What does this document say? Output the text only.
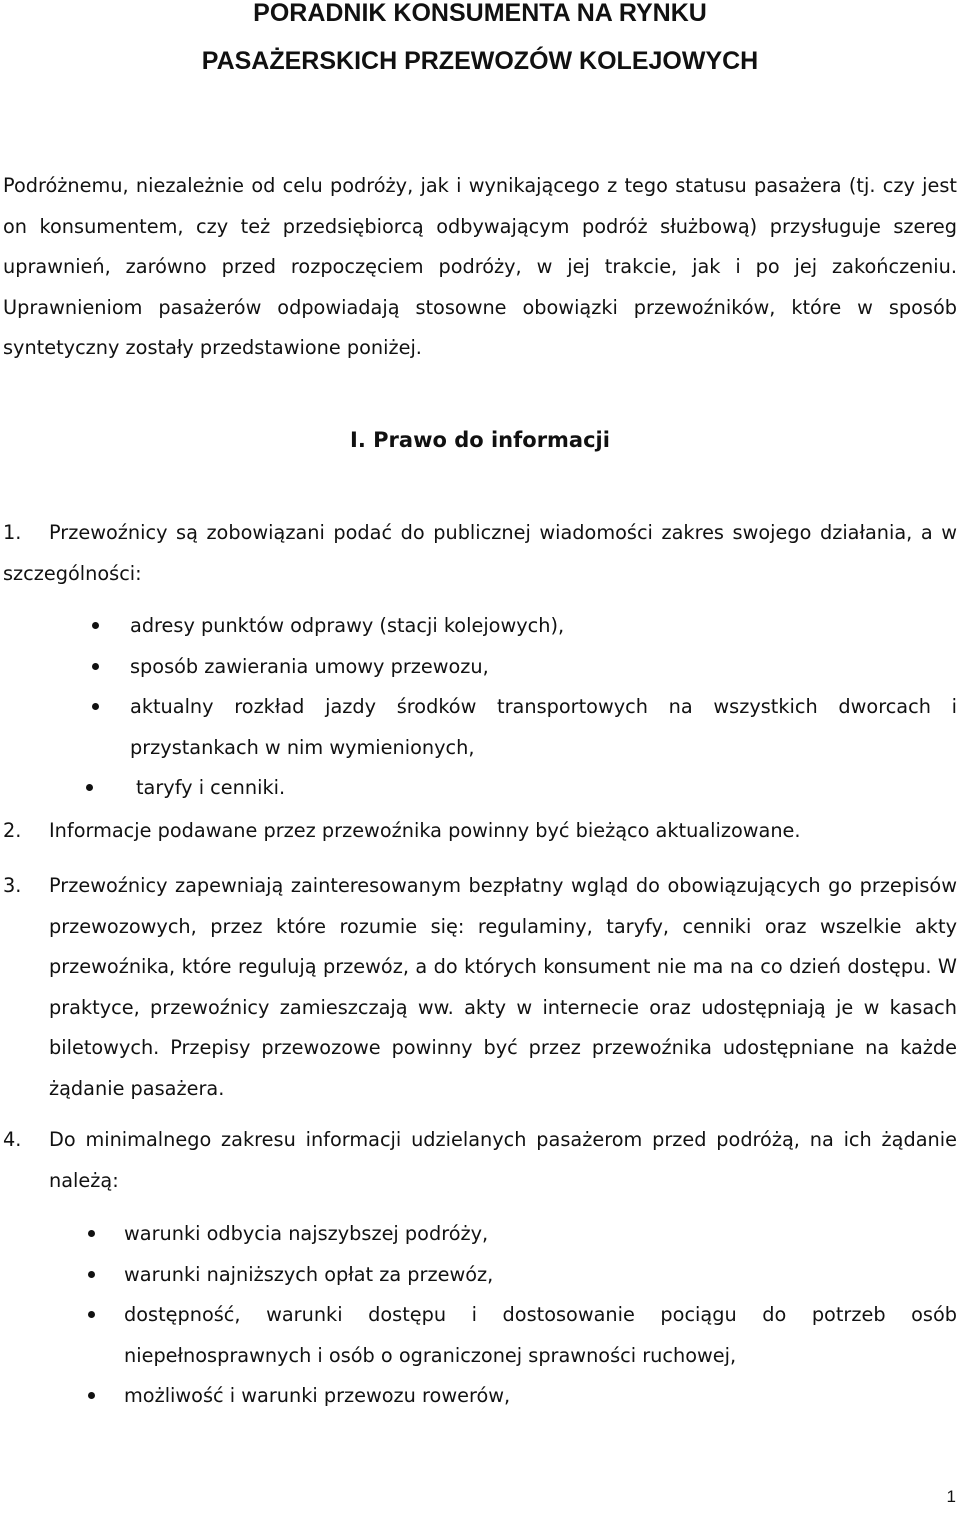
PORADNIK KONSUMENTA NA RYNKU
PASAŻERSKICH PRZEWOZÓW KOLEJOWYCH

Podróżnemu, niezależnie od celu podróży, jak i wynikającego z tego statusu pasażera (tj. czy jest on konsumentem, czy też przedsiębiorcą odbywającym podróż służbową) przysługuje szereg uprawnień, zarówno przed rozpoczęciem podróży, w jej trakcie, jak i po jej zakończeniu. Uprawnieniom pasażerów odpowiadają stosowne obowiązki przewoźników, które w sposób syntetyczny zostały przedstawione poniżej.

I. Prawo do informacji
1.	Przewoźnicy są zobowiązani podać do publicznej wiadomości zakres swojego działania, a w szczególności:
adresy punktów odprawy (stacji kolejowych),
sposób zawierania umowy przewozu,
aktualny rozkład jazdy środków transportowych na wszystkich dworcach i przystankach w nim wymienionych,
taryfy i cenniki.
2. Informacje podawane przez przewoźnika powinny być bieżąco aktualizowane.
3. Przewoźnicy zapewniają zainteresowanym bezpłatny wgląd do obowiązujących go przepisów przewozowych, przez które rozumie się: regulaminy, taryfy, cenniki oraz wszelkie akty przewoźnika, które regulują przewóz, a do których konsument nie ma na co dzień dostępu. W praktyce, przewoźnicy zamieszczają ww. akty w internecie oraz udostępniają je w kasach biletowych. Przepisy przewozowe powinny być przez przewoźnika udostępniane na każde żądanie pasażera.
4. Do minimalnego zakresu informacji udzielanych pasażerom przed podróżą, na ich żądanie należą:
warunki odbycia najszybszej podróży,
warunki najniższych opłat za przewóz,
dostępność, warunki dostępu i dostosowanie pociągu do potrzeb osób niepełnosprawnych i osób o ograniczonej sprawności ruchowej,
możliwość i warunki przewozu rowerów,

1
